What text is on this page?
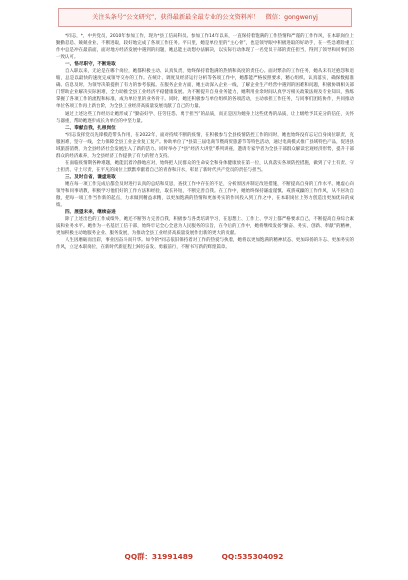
关注头条号“公文研究”，获得最新最全最专业的公文资料库！　微信：gongwenyj

*同志，*，中共党员，2010年参加工作，现为*县工信局科员。参加工作14年以来，一直保持着饱满的工作热情和严谨的工作作风，在本职岗位上勤勤恳恳、兢兢业业、不断进取，较好地完成了各项工作任务。平日里，她是单位里的“主心骨”，也是领导眼中积极进取的好助手，在一些急难险重工作中总是冲在最前面，面对地方经济发展中遇到的问题，她总能主动想办法解决，以实际行动体现了一名党员干部的责任担当，得到了领导和同事们的一致认可。

一、恪尽职守，不断进取

自入职以来，无论是在哪个岗位，她都积极主动、认真负责，始终保持着饱满的热情和高度的责任心。面对繁杂的工作任务，她从未有过抱怨和退缩，总是以最快的速度完成领导交办的工作。在统计、调度及经济运行分析等各项工作中，她都能严格按照要求，精心组织、认真落实，确保数据准确、信息及时，为领导决策提供了有力的参考依据。在服务企业方面，她主动深入企业一线，了解企业生产经营中遇到的困难和问题，积极协调相关部门帮助企业解决实际困难，全力助推全县工业经济平稳健康发展。为不断提升自身业务能力，她利用业余时间认真学习相关政策法规及专业知识，熟练掌握了各项工作的流程和标准，成为单位里的业务骨干。同时，她还积极参与单位组织的各项活动，主动承担工作任务，与同事们团结协作，共同推动单位各项工作再上新台阶，为全县工业经济高质量发展贡献了自己的力量。

通过上述这些工作经历让她形成了“勤奋好学、任劳任怨、勇于担当”的品质，而正是因为她身上这些优秀的品质，让上级给予其充分的信任，关怀与器重，帮助她逐步成长为单位的中坚力量。

二、奉献自我，扎根岗位

*同志发挥党员先锋模范带头作用，在2022年，面对持续不断的疫情，在积极参与全县疫情防控工作的同时，她也始终没有忘记自身岗位职责，克服困难，坚守一线，全力保障全县工业企业复工复产。协助单位了*县第三届电商节暨商贸旅游节等特色活动，通过电商模式推广县域特色产品，促进县域旅游消费，为全县经济社会发展注入了新的活力。同时举办了*县“经济大讲堂”系列讲座，邀请专家学者为全县干部群众解读宏观经济形势，提升干部群众的经济素养，为全县经济工作提供了有力的智力支持。

在面临疫情期各种难题，她能沉着冷静地应对，始终把人民群众的生命安全和身体健康放在第一位，认真落实各项防控措施，做到了守土有责、守土担责、守土尽责，在平凡的岗位上默默奉献着自己的青春和汗水，彰显了新时代共产党员的责任与担当。

三、及时自省，谦虚进取

她在每一项工作完成后都会及时进行认真的总结和反思，查找工作中存在的不足，分析原因并制定改进措施，不断提高自身的工作水平。她虚心向领导和同事请教，积极学习他们好的工作方法和经验，取长补短，不断完善自我。在工作中，她始终保持谦虚谨慎、戒骄戒躁的工作作风，从不居功自傲，把每一项工作当作新的起点，力求做到精益求精，以更加饱满的热情和更加务实的作风投入到工作之中，在本职岗位上努力创造出更加优异的成绩。

四、展望未来，继续奋进

除了上述出色的工作成绩外，她还不断努力完善自我，积极参与各类培训学习，在思想上、工作上、学习上都严格要求自己，不断提高自身综合素质和业务水平。她作为一名基层工信干部，始终牢记全心全意为人民服务的宗旨，在今后的工作中，她将继续发扬“勤奋、务实、创新、奉献”的精神，更加积极主动地服务企业、服务发展，为推动全县工业经济高质量发展作出新的更大的贡献。

人生因磨砺而出彩，事业因奋斗而升华。如今的*同志依旧保持着对工作的热爱与执着，她将以更加饱满的精神状态、更加昂扬的斗志、更加务实的作风，立足本职岗位，在新时代新征程上踔厉奋发、勇毅前行，不断书写新的辉煌篇章。

QQ群：31991489	QQ:535304092
